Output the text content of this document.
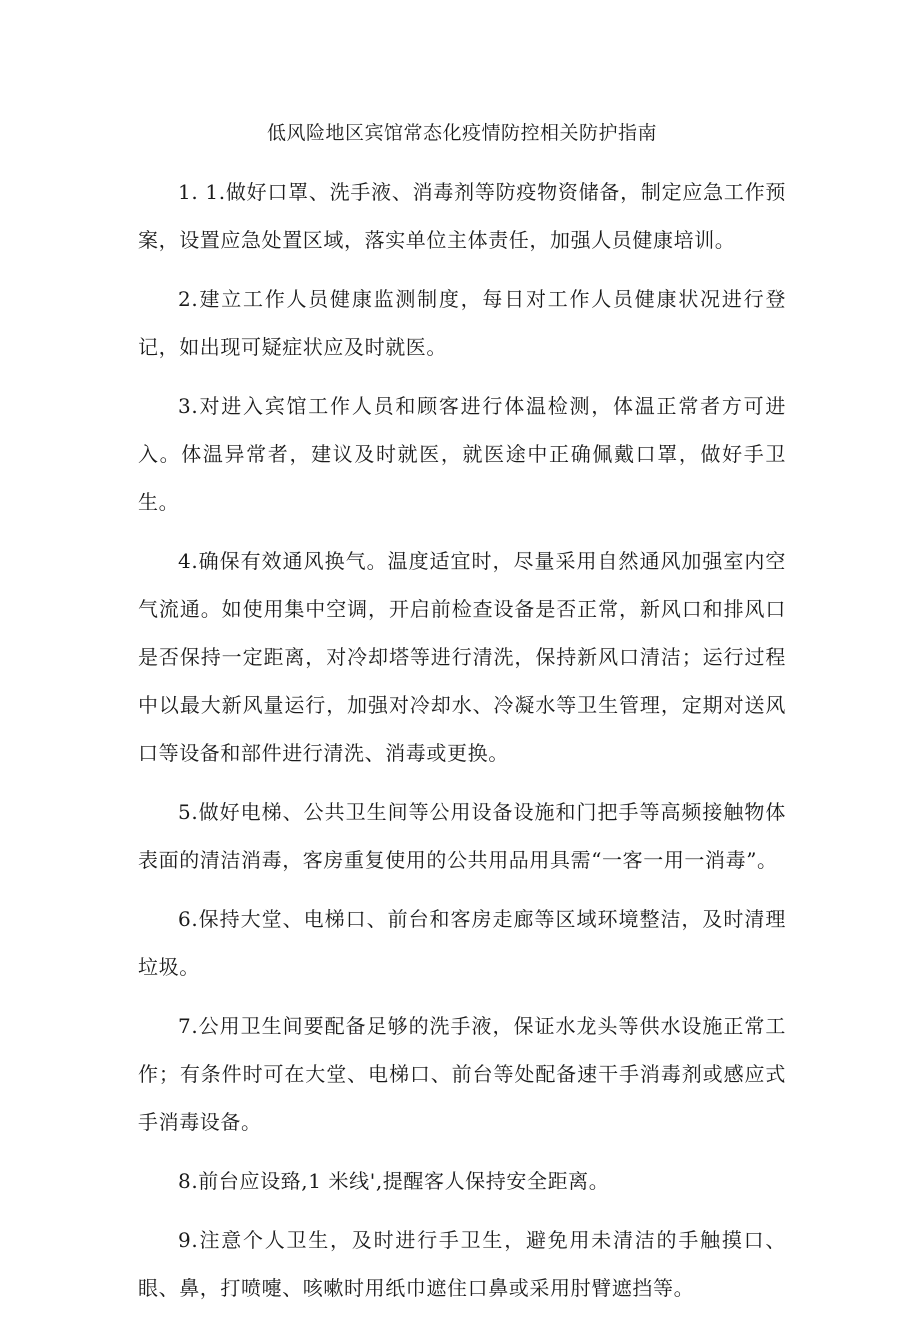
低风险地区宾馆常态化疫情防控相关防护指南

1. 1.做好口罩、洗手液、消毒剂等防疫物资储备，制定应急工作预案，设置应急处置区域，落实单位主体责任，加强人员健康培训。

2.建立工作人员健康监测制度，每日对工作人员健康状况进行登记，如出现可疑症状应及时就医。

3.对进入宾馆工作人员和顾客进行体温检测，体温正常者方可进入。体温异常者，建议及时就医，就医途中正确佩戴口罩，做好手卫生。

4.确保有效通风换气。温度适宜时，尽量采用自然通风加强室内空气流通。如使用集中空调，开启前检查设备是否正常，新风口和排风口是否保持一定距离，对冷却塔等进行清洗，保持新风口清洁；运行过程中以最大新风量运行，加强对冷却水、冷凝水等卫生管理，定期对送风口等设备和部件进行清洗、消毒或更换。

5.做好电梯、公共卫生间等公用设备设施和门把手等高频接触物体表面的清洁消毒，客房重复使用的公共用品用具需“一客一用一消毒”。

6.保持大堂、电梯口、前台和客房走廊等区域环境整洁，及时清理垃圾。

7.公用卫生间要配备足够的洗手液，保证水龙头等供水设施正常工作；有条件时可在大堂、电梯口、前台等处配备速干手消毒剂或感应式手消毒设备。

8.前台应设臵,1 米线',提醒客人保持安全距离。

9.注意个人卫生，及时进行手卫生，避免用未清洁的手触摸口、眼、鼻，打喷嚏、咳嗽时用纸巾遮住口鼻或采用肘臂遮挡等。
